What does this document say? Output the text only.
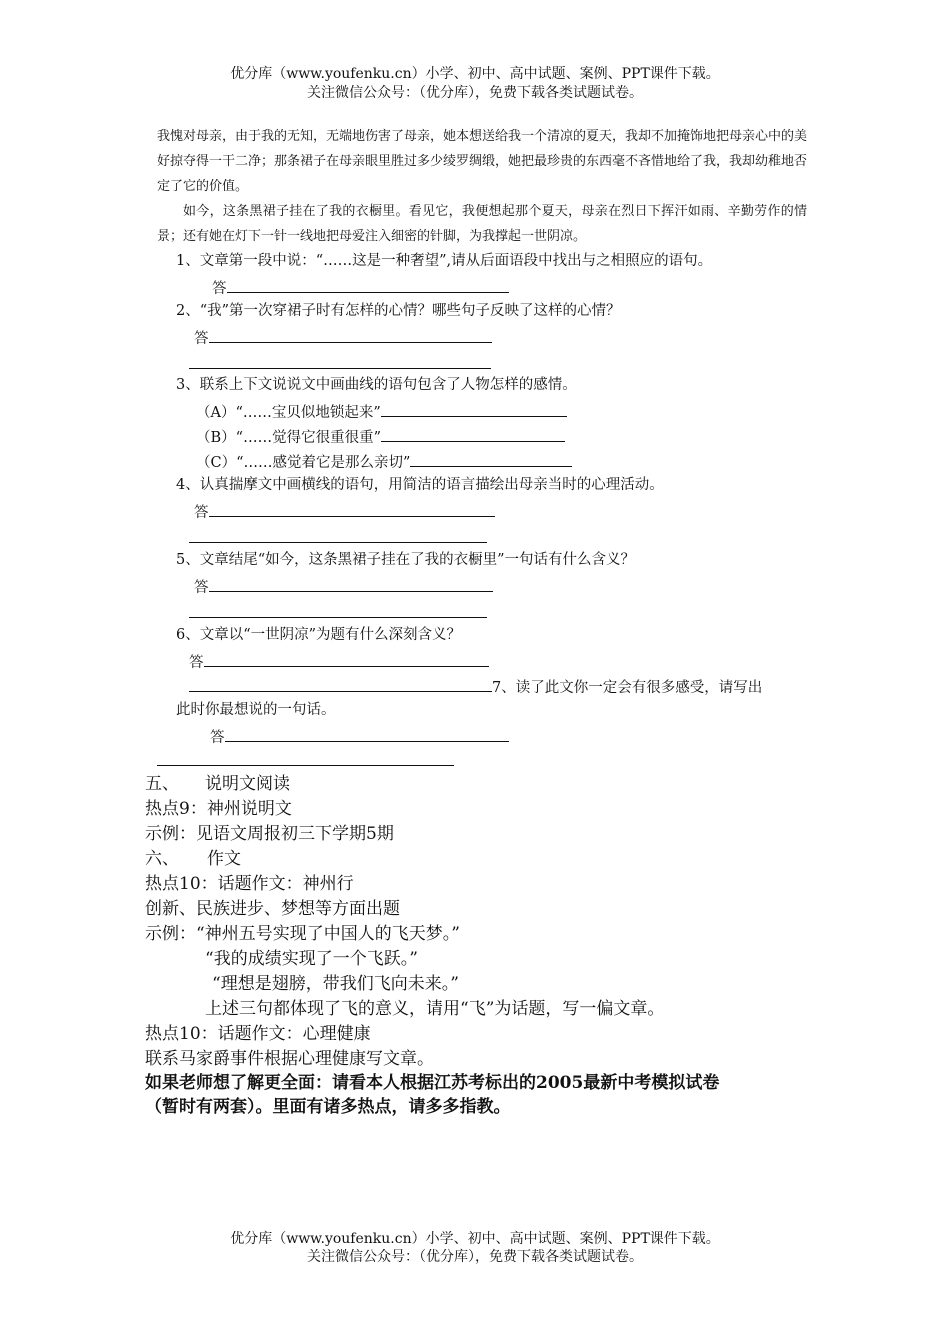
优分库（www.youfenku.cn）小学、初中、高中试题、案例、PPT课件下载。
关注微信公众号：（优分库），免费下载各类试题试卷。
我愧对母亲，由于我的无知，无端地伤害了母亲，她本想送给我一个清凉的夏天，我却不加掩饰地把母亲心中的美好掠夺得一干二净；那条裙子在母亲眼里胜过多少绫罗绸缎，她把最珍贵的东西毫不吝惜地给了我，我却幼稚地否定了它的价值。
如今，这条黑裙子挂在了我的衣橱里。看见它，我便想起那个夏天，母亲在烈日下挥汗如雨、辛勤劳作的情景；还有她在灯下一针一线地把母爱注入细密的针脚，为我撑起一世阴凉。
1、文章第一段中说：“……这是一种奢望”,请从后面语段中找出与之相照应的语句。
答
2、“我”第一次穿裙子时有怎样的心情？哪些句子反映了这样的心情？
答
3、联系上下文说说文中画曲线的语句包含了人物怎样的感情。
（A）“……宝贝似地锁起来”
（B）“……觉得它很重很重”
（C）“……感觉着它是那么亲切”
4、认真揣摩文中画横线的语句，用简洁的语言描绘出母亲当时的心理活动。
答
5、文章结尾“如今，这条黑裙子挂在了我的衣橱里”一句话有什么含义？
答
6、文章以“一世阴凉”为题有什么深刻含义？
答
7、读了此文你一定会有很多感受，请写出
此时你最想说的一句话。
答
五、 说明文阅读
热点9：神州说明文
示例：见语文周报初三下学期5期
六、 作文
热点10：话题作文：神州行
创新、民族进步、梦想等方面出题
示例：“神州五号实现了中国人的飞天梦。”
“我的成绩实现了一个飞跃。”
“理想是翅膀，带我们飞向未来。”
上述三句都体现了飞的意义，请用“飞”为话题，写一偏文章。
热点10：话题作文：心理健康
联系马家爵事件根据心理健康写文章。
如果老师想了解更全面：请看本人根据江苏考标出的2005最新中考模拟试卷
（暂时有两套）。里面有诸多热点，请多多指教。
优分库（www.youfenku.cn）小学、初中、高中试题、案例、PPT课件下载。
关注微信公众号：（优分库），免费下载各类试题试卷。
